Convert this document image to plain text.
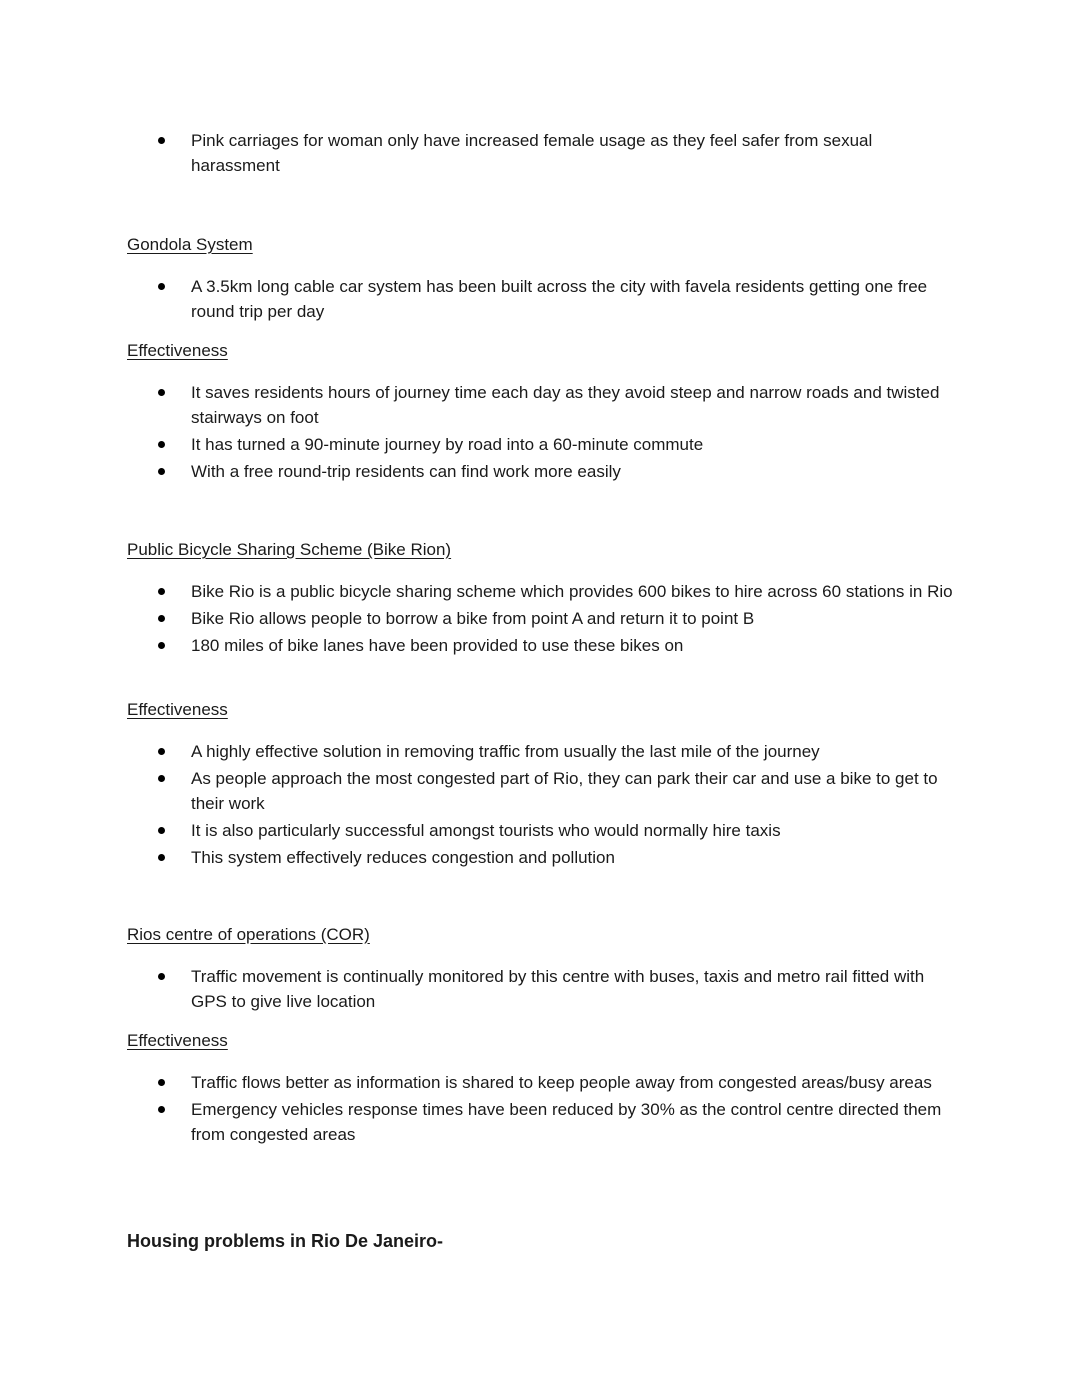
Pink carriages for woman only have increased female usage as they feel safer from sexual harassment
Gondola System
A 3.5km long cable car system has been built across the city with favela residents getting one free round trip per day
Effectiveness
It saves residents hours of journey time each day as they avoid steep and narrow roads and twisted stairways on foot
It has turned a 90-minute journey by road into a 60-minute commute
With a free round-trip residents can find work more easily
Public Bicycle Sharing Scheme (Bike Rion)
Bike Rio is a public bicycle sharing scheme which provides 600 bikes to hire across 60 stations in Rio
Bike Rio allows people to borrow a bike from point A and return it to point B
180 miles of bike lanes have been provided to use these bikes on
Effectiveness
A highly effective solution in removing traffic from usually the last mile of the journey
As people approach the most congested part of Rio, they can park their car and use a bike to get to their work
It is also particularly successful amongst tourists who would normally hire taxis
This system effectively reduces congestion and pollution
Rios centre of operations (COR)
Traffic movement is continually monitored by this centre with buses, taxis and metro rail fitted with GPS to give live location
Effectiveness
Traffic flows better as information is shared to keep people away from congested areas/busy areas
Emergency vehicles response times have been reduced by 30% as the control centre directed them from congested areas
Housing problems in Rio De Janeiro-
